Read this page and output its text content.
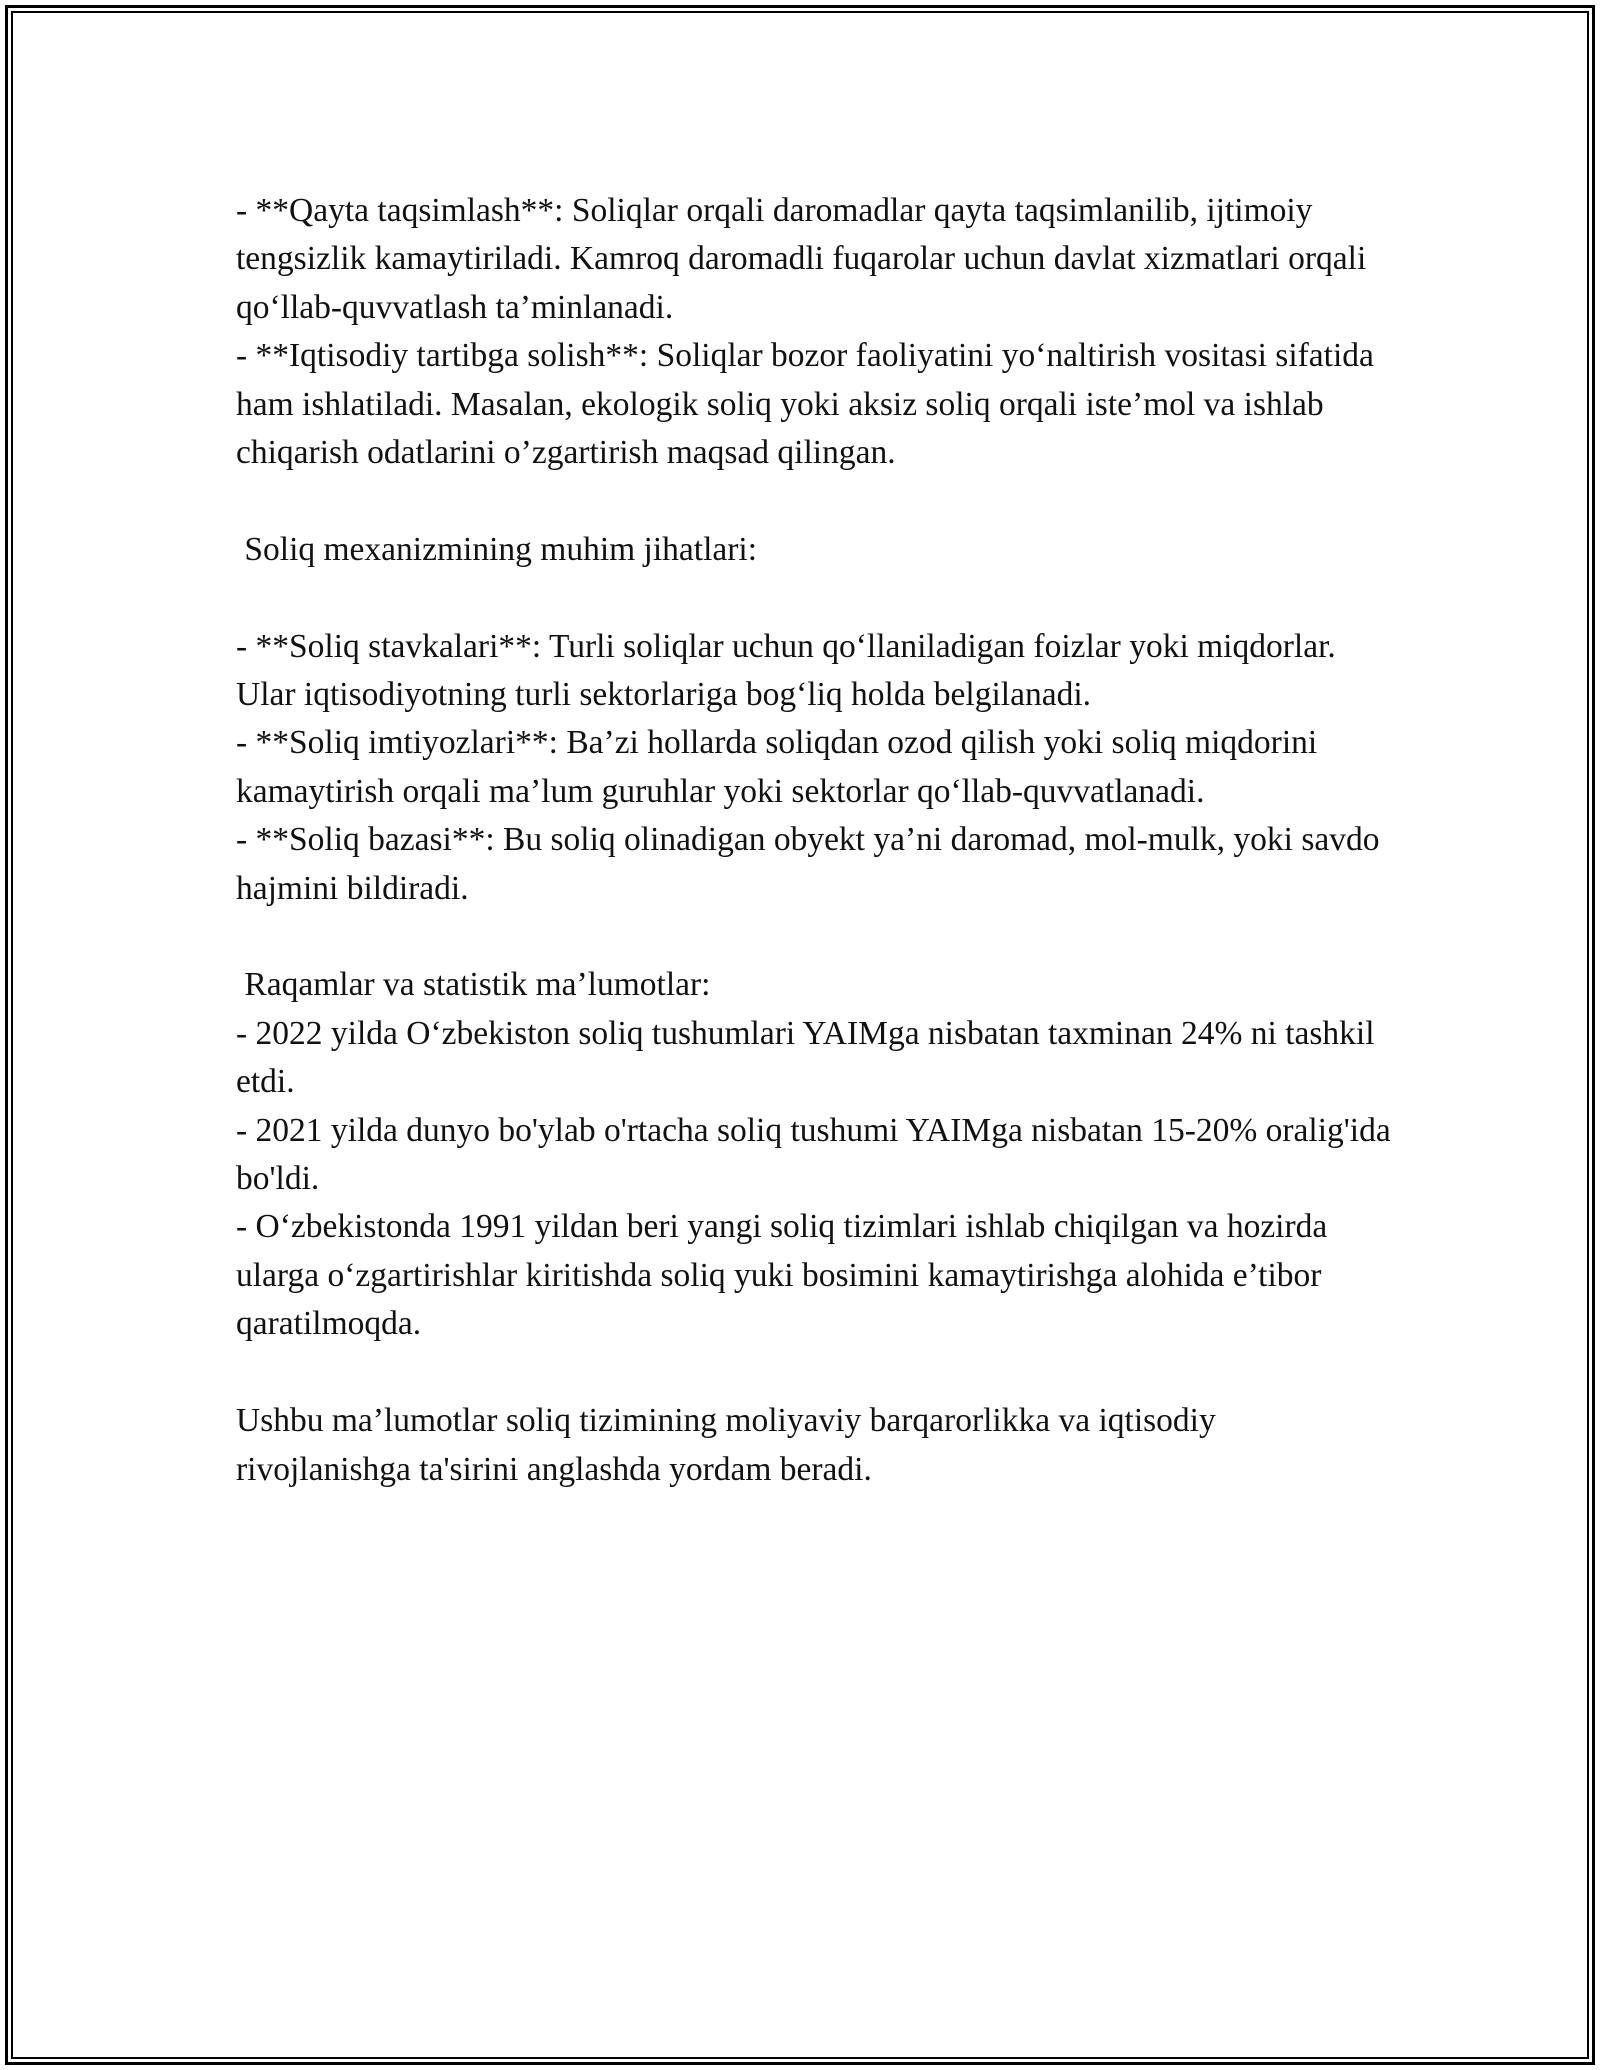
- **Qayta taqsimlash**: Soliqlar orqali daromadlar qayta taqsimlanilib, ijtimoiy tengsizlik kamaytiriladi. Kamroq daromadli fuqarolar uchun davlat xizmatlari orqali qo‘llab-quvvatlash ta’minlanadi.

- **Iqtisodiy tartibga solish**: Soliqlar bozor faoliyatini yo‘naltirish vositasi sifatida ham ishlatiladi. Masalan, ekologik soliq yoki aksiz soliq orqali iste’mol va ishlab chiqarish odatlarini o’zgartirish maqsad qilingan.

Soliq mexanizmining muhim jihatlari:

- **Soliq stavkalari**: Turli soliqlar uchun qo‘llaniladigan foizlar yoki miqdorlar. Ular iqtisodiyotning turli sektorlariga bog‘liq holda belgilanadi.

- **Soliq imtiyozlari**: Ba’zi hollarda soliqdan ozod qilish yoki soliq miqdorini kamaytirish orqali ma’lum guruhlar yoki sektorlar qo‘llab-quvvatlanadi.

- **Soliq bazasi**: Bu soliq olinadigan obyekt ya’ni daromad, mol-mulk, yoki savdo hajmini bildiradi.

Raqamlar va statistik ma’lumotlar:

- 2022 yilda O‘zbekiston soliq tushumlari YAIMga nisbatan taxminan 24% ni tashkil etdi.

- 2021 yilda dunyo bo'ylab o'rtacha soliq tushumi YAIMga nisbatan 15-20% oralig'ida bo'ldi.

- O‘zbekistonda 1991 yildan beri yangi soliq tizimlari ishlab chiqilgan va hozirda ularga o‘zgartirishlar kiritishda soliq yuki bosimini kamaytirishga alohida e’tibor qaratilmoqda.

Ushbu ma’lumotlar soliq tizimining moliyaviy barqarorlikka va iqtisodiy rivojlanishga ta'sirini anglashda yordam beradi.
